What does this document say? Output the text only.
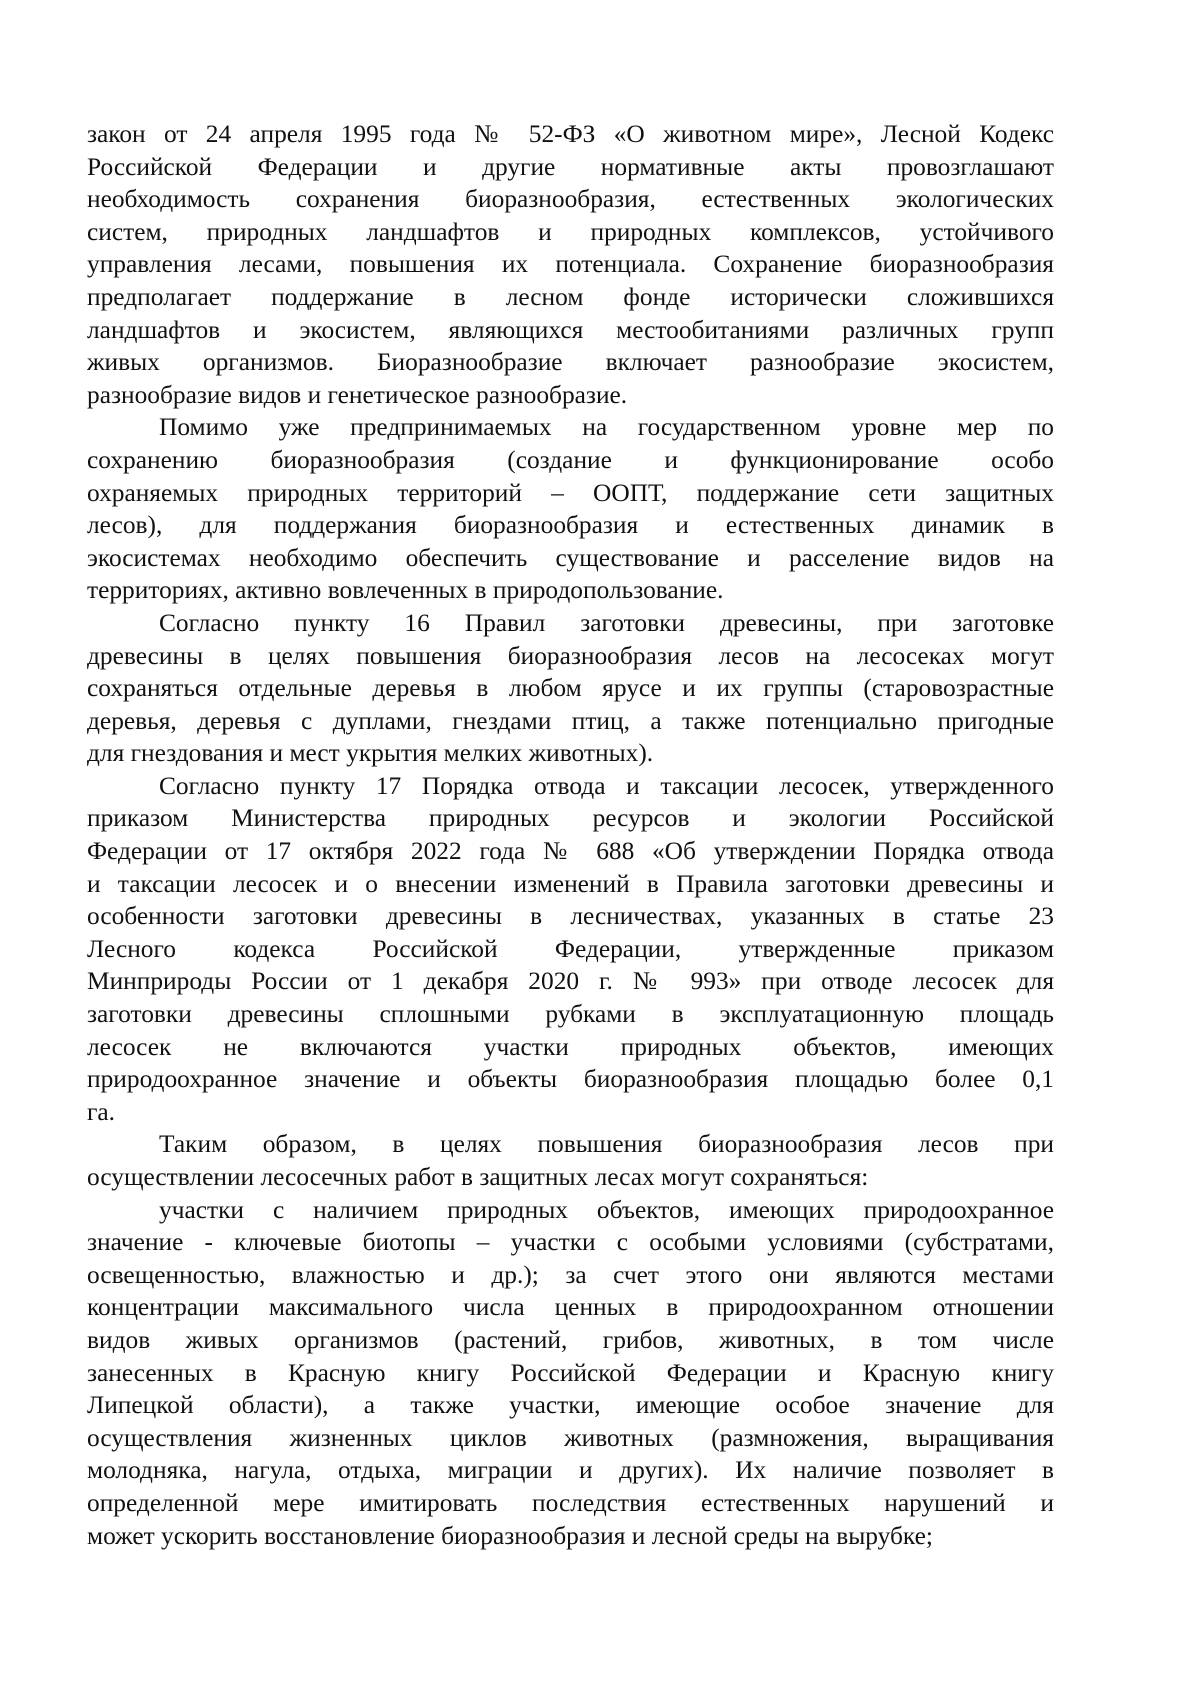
закон от 24 апреля 1995 года № 52-ФЗ «О животном мире», Лесной Кодекс
Российской Федерации и другие нормативные акты провозглашают
необходимость сохранения биоразнообразия, естественных экологических
систем, природных ландшафтов и природных комплексов, устойчивого
управления лесами, повышения их потенциала. Сохранение биоразнообразия
предполагает поддержание в лесном фонде исторически сложившихся
ландшафтов и экосистем, являющихся местообитаниями различных групп
живых организмов. Биоразнообразие включает разнообразие экосистем,
разнообразие видов и генетическое разнообразие.
Помимо уже предпринимаемых на государственном уровне мер по
сохранению биоразнообразия (создание и функционирование особо
охраняемых природных территорий – ООПТ, поддержание сети защитных
лесов), для поддержания биоразнообразия и естественных динамик в
экосистемах необходимо обеспечить существование и расселение видов на
территориях, активно вовлеченных в природопользование.
Согласно пункту 16 Правил заготовки древесины, при заготовке
древесины в целях повышения биоразнообразия лесов на лесосеках могут
сохраняться отдельные деревья в любом ярусе и их группы (старовозрастные
деревья, деревья с дуплами, гнездами птиц, а также потенциально пригодные
для гнездования и мест укрытия мелких животных).
Согласно пункту 17 Порядка отвода и таксации лесосек, утвержденного
приказом Министерства природных ресурсов и экологии Российской
Федерации от 17 октября 2022 года № 688 «Об утверждении Порядка отвода
и таксации лесосек и о внесении изменений в Правила заготовки древесины и
особенности заготовки древесины в лесничествах, указанных в статье 23
Лесного кодекса Российской Федерации, утвержденные приказом
Минприроды России от 1 декабря 2020 г. № 993» при отводе лесосек для
заготовки древесины сплошными рубками в эксплуатационную площадь
лесосек не включаются участки природных объектов, имеющих
природоохранное значение и объекты биоразнообразия площадью более 0,1
га.
Таким образом, в целях повышения биоразнообразия лесов при
осуществлении лесосечных работ в защитных лесах могут сохраняться:
участки с наличием природных объектов, имеющих природоохранное
значение - ключевые биотопы – участки с особыми условиями (субстратами,
освещенностью, влажностью и др.); за счет этого они являются местами
концентрации максимального числа ценных в природоохранном отношении
видов живых организмов (растений, грибов, животных, в том числе
занесенных в Красную книгу Российской Федерации и Красную книгу
Липецкой области), а также участки, имеющие особое значение для
осуществления жизненных циклов животных (размножения, выращивания
молодняка, нагула, отдыха, миграции и других). Их наличие позволяет в
определенной мере имитировать последствия естественных нарушений и
может ускорить восстановление биоразнообразия и лесной среды на вырубке;
